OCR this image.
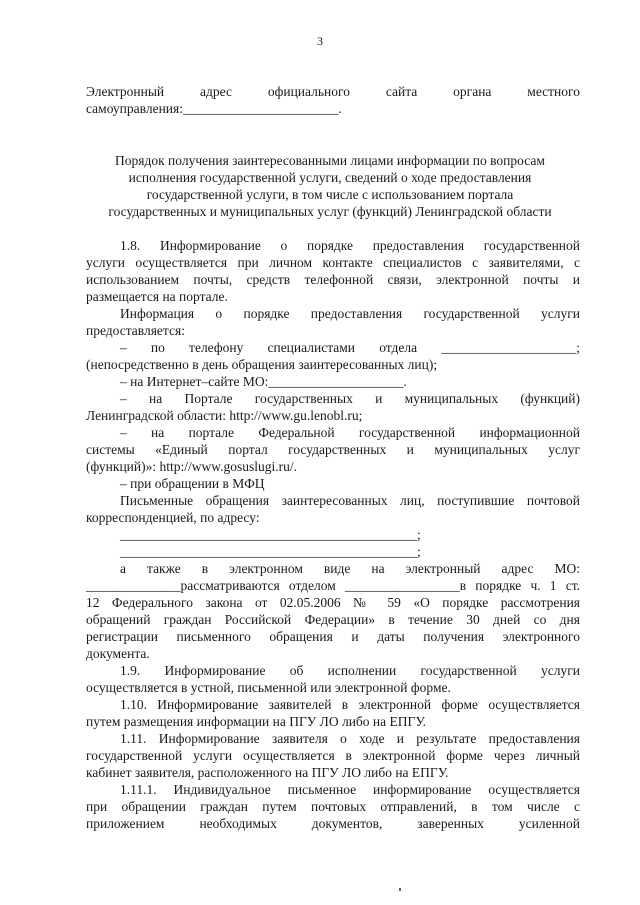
3
Электронный адрес официального сайта органа местного
самоуправления:_______________________.
Порядок получения заинтересованными лицами информации по вопросам
исполнения государственной услуги, сведений о ходе предоставления
государственной услуги, в том числе с использованием портала
государственных и муниципальных услуг (функций) Ленинградской области
1.8. Информирование о порядке предоставления государственной
услуги осуществляется при личном контакте специалистов с заявителями, с
использованием почты, средств телефонной связи, электронной почты и
размещается на портале.
Информация о порядке предоставления государственной услуги
предоставляется:
– по телефону специалистами отдела ____________________;
(непосредственно в день обращения заинтересованных лиц);
– на Интернет–сайте МО:____________________.
– на Портале государственных и муниципальных (функций)
Ленинградской области: http://www.gu.lenobl.ru;
– на портале Федеральной государственной информационной
системы «Единый портал государственных и муниципальных услуг
(функций)»: http://www.gosuslugi.ru/.
– при обращении в МФЦ
Письменные обращения заинтересованных лиц, поступившие почтовой
корреспонденцией, по адресу:
____________________________________________;
____________________________________________;
а также в электронном виде на электронный адрес МО:
______________рассматриваются отделом _________________в порядке ч. 1 ст.
12 Федерального закона от 02.05.2006 № 59 «О порядке рассмотрения
обращений граждан Российской Федерации» в течение 30 дней со дня
регистрации письменного обращения и даты получения электронного
документа.
1.9. Информирование об исполнении государственной услуги
осуществляется в устной, письменной или электронной форме.
1.10. Информирование заявителей в электронной форме осуществляется
путем размещения информации на ПГУ ЛО либо на ЕПГУ.
1.11. Информирование заявителя о ходе и результате предоставления
государственной услуги осуществляется в электронной форме через личный
кабинет заявителя, расположенного на ПГУ ЛО либо на ЕПГУ.
1.11.1. Индивидуальное письменное информирование осуществляется
при обращении граждан путем почтовых отправлений, в том числе с
приложением необходимых документов, заверенных усиленной
